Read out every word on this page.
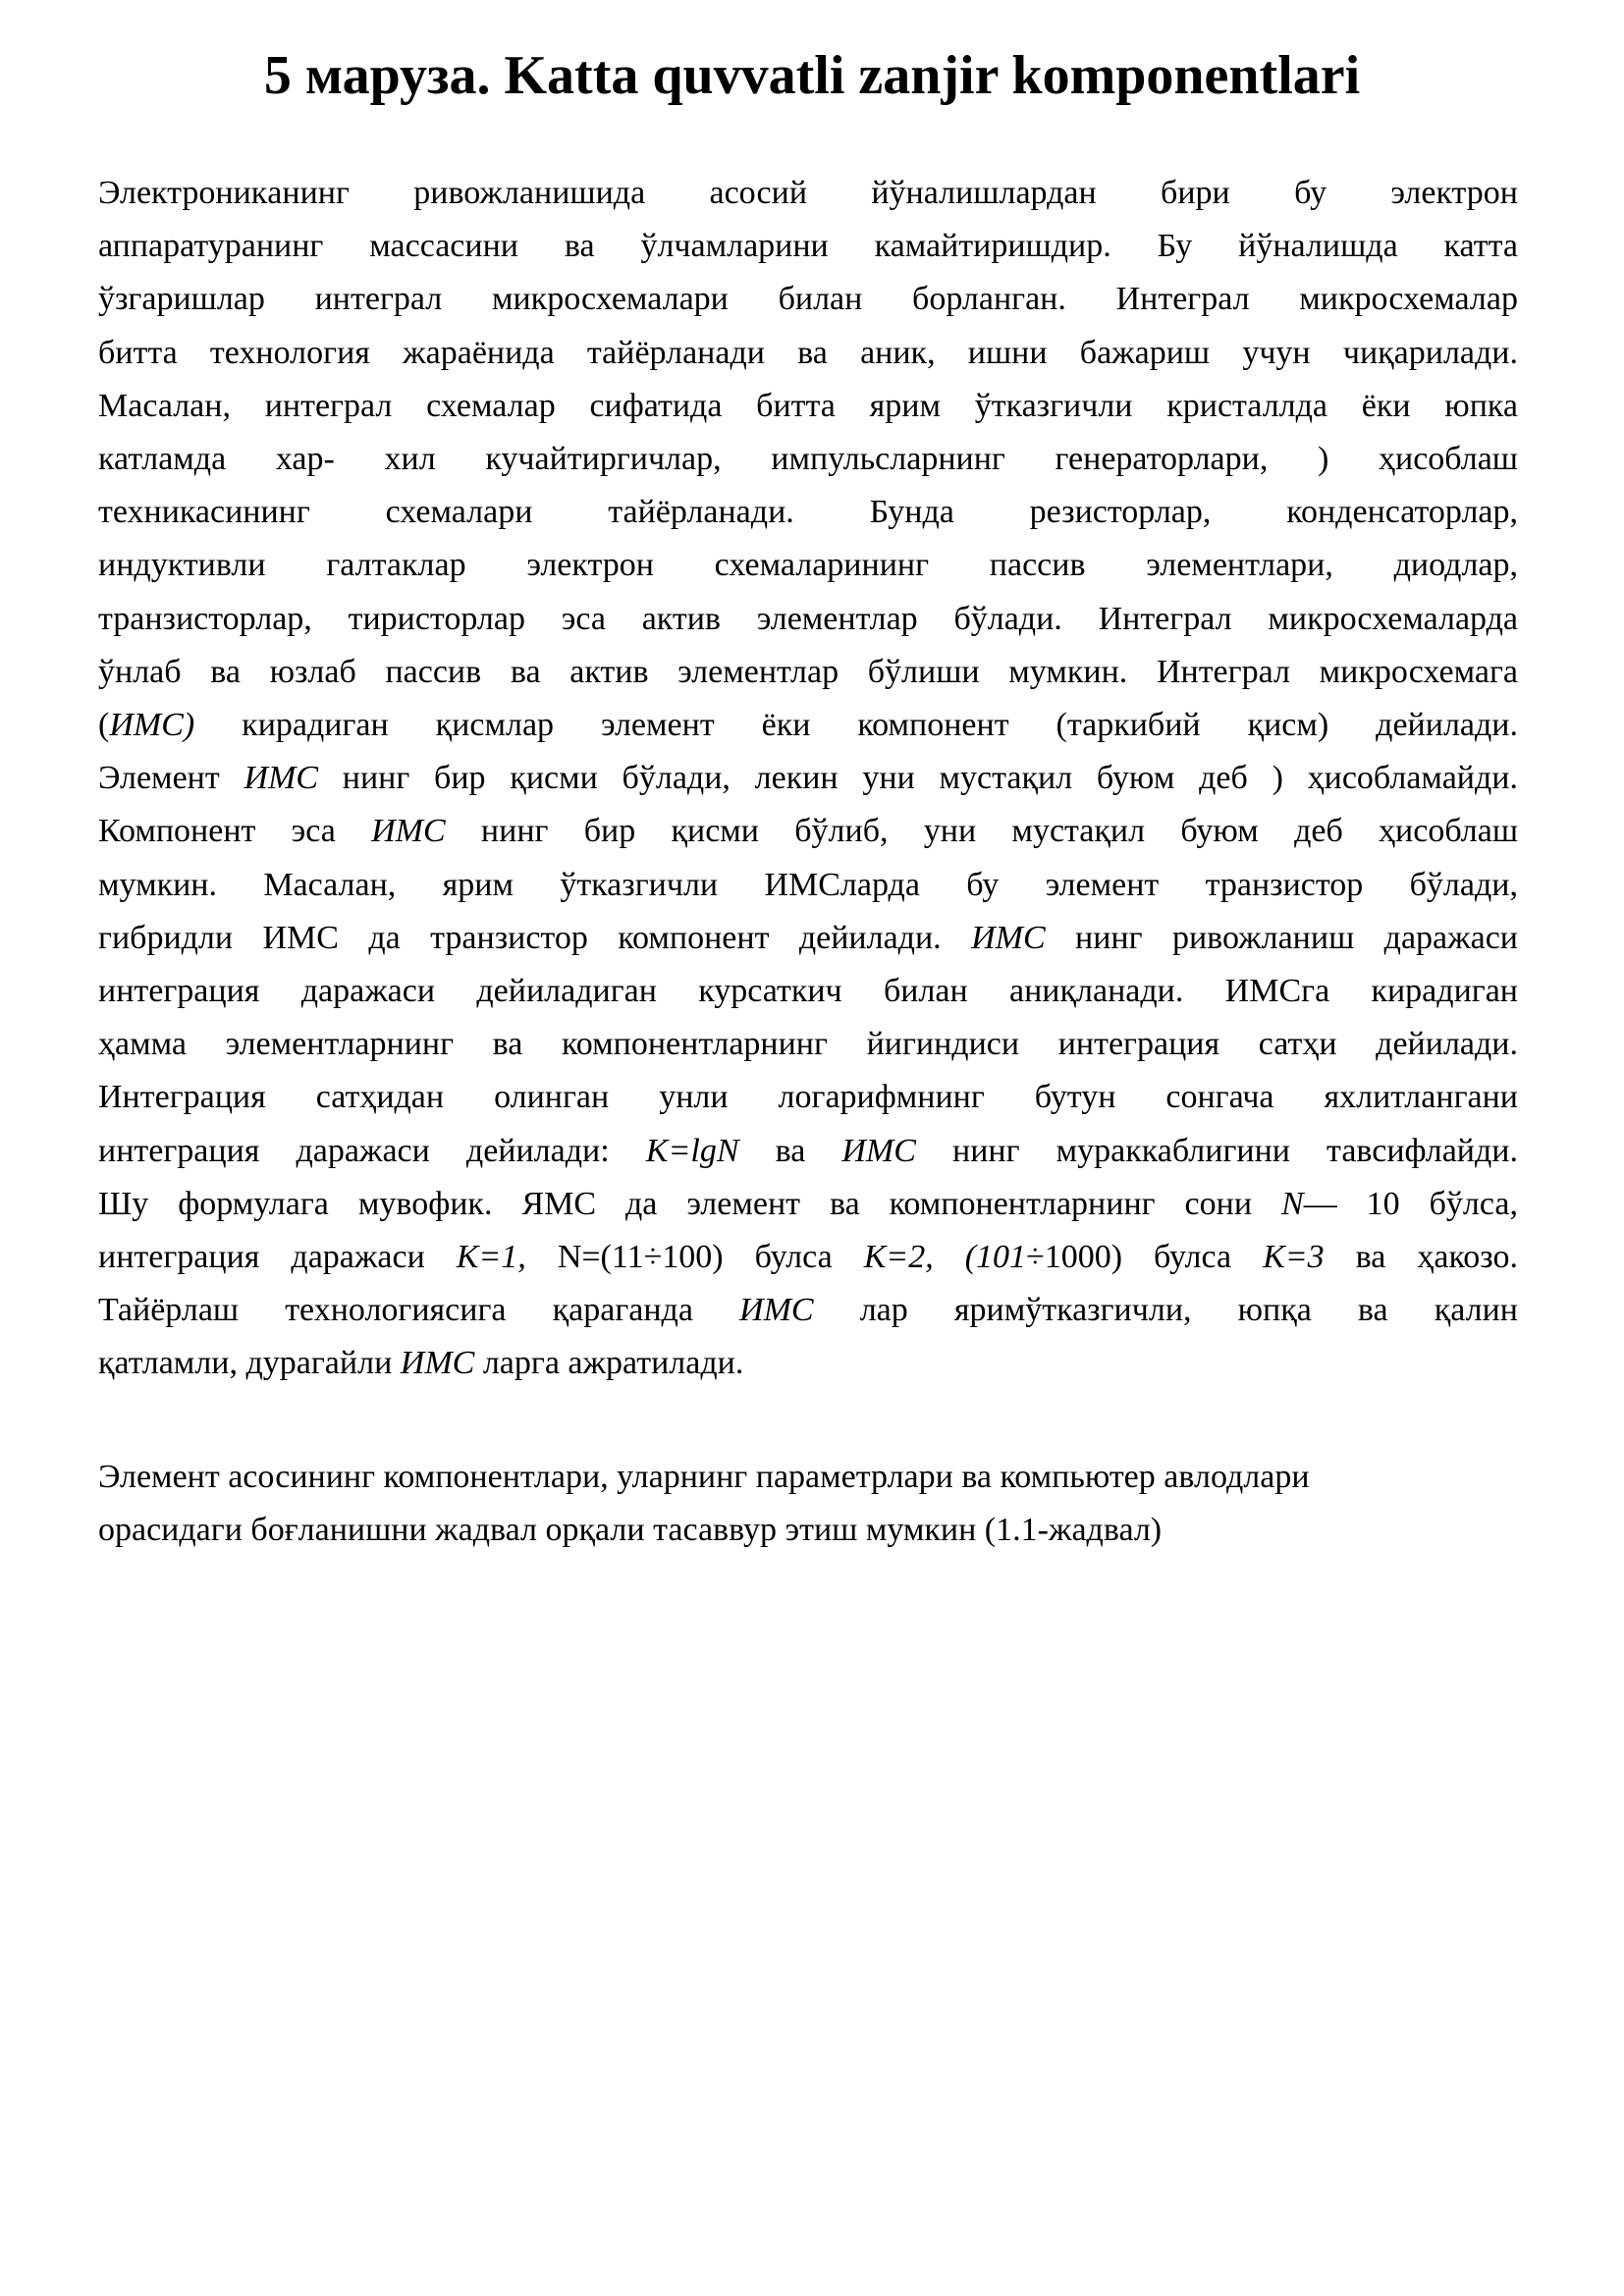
5 маруза. Katta quvvatli zanjir komponentlari
Электроникaнинг ривожланишида асосий йўналишлардан бири бу электрон
аппаратуранинг массасини ва ўлчамларини камайтиришдир. Бу йўналишда катта
ўзгаришлар интеграл микросхемалари билан борланган. Интеграл микросхемалар
битта технология жараёнида тайёрланади ва аник, ишни бажариш учун чиқарилади.
Масалан, интеграл схемалар сифатида битта ярим ўтказгичли кристаллда ёки юпка
катламда хар- хил кучайтиргичлар, импульсларнинг генераторлари, ) ҳисоблаш
техникасининг схемалари тайёрланади. Бунда резисторлар, конденсаторлар,
индуктивли галтаклар электрон схемаларининг пассив элементлари, диодлар,
транзисторлар, тиристорлар эса актив элементлар бўлади. Интеграл микросхемаларда
ўнлаб ва юзлаб пассив ва актив элементлар бўлиши мумкин. Интеграл микросхемага
(ИМС) кирадиган қисмлар элемент ёки компонент (таркибий қисм) дейилади.
Элемент ИМС нинг бир қисми бўлади, лекин уни мустақил буюм деб ) ҳисобламайди.
Компонент эса ИМС нинг бир қисми бўлиб, уни мустақил буюм деб ҳисоблаш
мумкин. Масалан, ярим ўтказгичли ИМСларда бу элемент транзистор бўлади,
гибридли ИМС да транзистор компонент дейилади. ИМС нинг ривожланиш даражаси
интеграция даражаси дейиладиган курсаткич билан аниқланади. ИМСга кирадиган
ҳамма элементларнинг ва компонентларнинг йигиндиси интеграция сатҳи дейилади.
Интеграция сатҳидан олинган унли логарифмнинг бутун сонгача яхлитлангани
интеграция даражаси дейилади: K=lgN ва ИМС нинг мураккаблигини тавсифлайди.
Шу формулага мувофик. ЯМС да элемент ва компонентларнинг сони N— 10 бўлса,
интеграция даражаси К=1, N=(11÷100) булса К=2, (101÷1000) булса К=3 ва ҳакозо.
Тайёрлаш технологиясига қараганда ИМС лар яримўтказгичли, юпқа ва қалин
қатламли, дурагайли ИМС ларга ажратилади.
Элемент асосининг компонентлари, уларнинг параметрлари ва компьютер авлодлари
орасидаги боғланишни жадвал орқали тасаввур этиш мумкин (1.1-жадвал)
